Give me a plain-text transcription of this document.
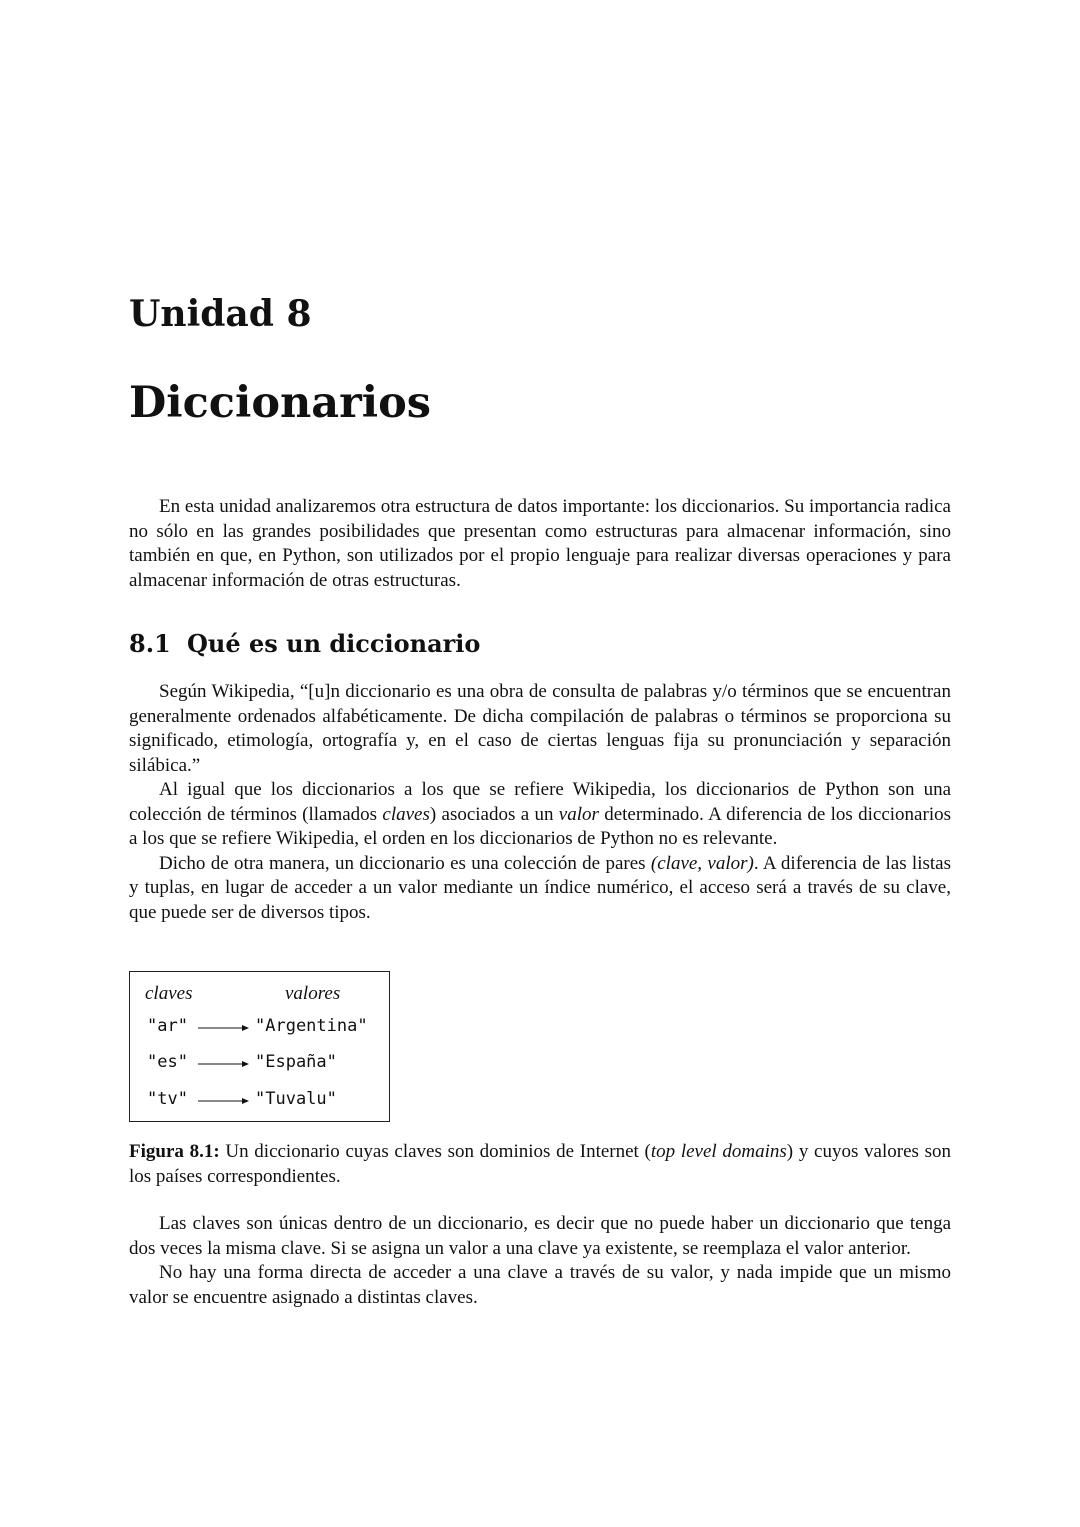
Unidad 8
Diccionarios

En esta unidad analizaremos otra estructura de datos importante: los diccionarios. Su importancia radica no sólo en las grandes posibilidades que presentan como estructuras para almacenar información, sino también en que, en Python, son utilizados por el propio lenguaje para realizar diversas operaciones y para almacenar información de otras estructuras.

8.1 Qué es un diccionario

Según Wikipedia, “[u]n diccionario es una obra de consulta de palabras y/o términos que se encuentran generalmente ordenados alfabéticamente. De dicha compilación de palabras o términos se proporciona su significado, etimología, ortografía y, en el caso de ciertas lenguas fija su pronunciación y separación silábica.”

Al igual que los diccionarios a los que se refiere Wikipedia, los diccionarios de Python son una colección de términos (llamados claves) asociados a un valor determinado. A diferencia de los diccionarios a los que se refiere Wikipedia, el orden en los diccionarios de Python no es relevante.

Dicho de otra manera, un diccionario es una colección de pares (clave, valor). A diferencia de las listas y tuplas, en lugar de acceder a un valor mediante un índice numérico, el acceso será a través de su clave, que puede ser de diversos tipos.

claves	valores
"ar"	"Argentina"
"es"	"España"
"tv"	"Tuvalu"

Figura 8.1: Un diccionario cuyas claves son dominios de Internet (top level domains) y cuyos valores son los países correspondientes.

Las claves son únicas dentro de un diccionario, es decir que no puede haber un diccionario que tenga dos veces la misma clave. Si se asigna un valor a una clave ya existente, se reemplaza el valor anterior.

No hay una forma directa de acceder a una clave a través de su valor, y nada impide que un mismo valor se encuentre asignado a distintas claves.
